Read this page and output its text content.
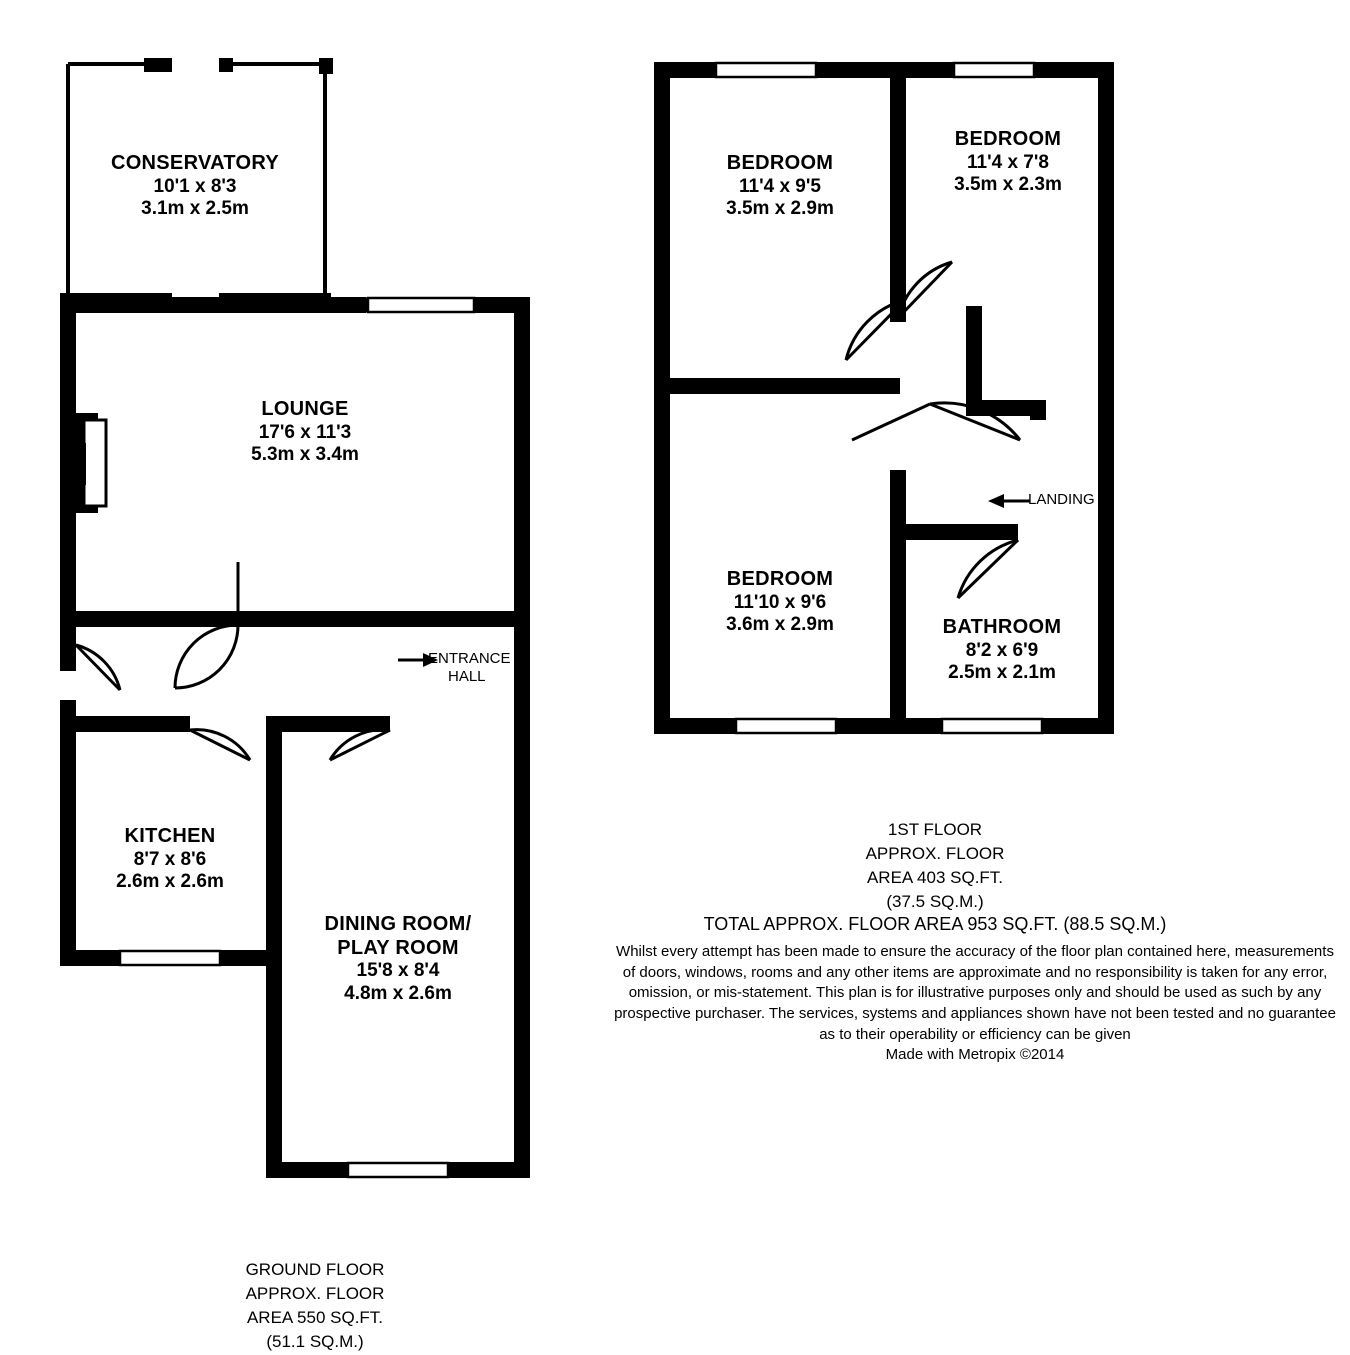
CONSERVATORY
10'1 x 8'3
3.1m x 2.5m
LOUNGE
17'6 x 11'3
5.3m x 3.4m
ENTRANCE
HALL
KITCHEN
8'7 x 8'6
2.6m x 2.6m
DINING ROOM/
PLAY ROOM
15'8 x 8'4
4.8m x 2.6m
BEDROOM
11'4 x 9'5
3.5m x 2.9m
BEDROOM
11'4 x 7'8
3.5m x 2.3m
LANDING
BEDROOM
11'10 x 9'6
3.6m x 2.9m	BATHROOM
8'2 x 6'9
2.5m x 2.1m
1ST FLOOR
APPROX. FLOOR
AREA 403 SQ.FT.
(37.5 SQ.M.)
TOTAL APPROX. FLOOR AREA 953 SQ.FT. (88.5 SQ.M.)
Whilst every attempt has been made to ensure the accuracy of the floor plan contained here, measurements
of doors, windows, rooms and any other items are approximate and no responsibility is taken for any error,
omission, or mis-statement. This plan is for illustrative purposes only and should be used as such by any
prospective purchaser. The services, systems and appliances shown have not been tested and no guarantee
as to their operability or efficiency can be given
Made with Metropix ©2014
GROUND FLOOR
APPROX. FLOOR
AREA 550 SQ.FT.
(51.1 SQ.M.)
